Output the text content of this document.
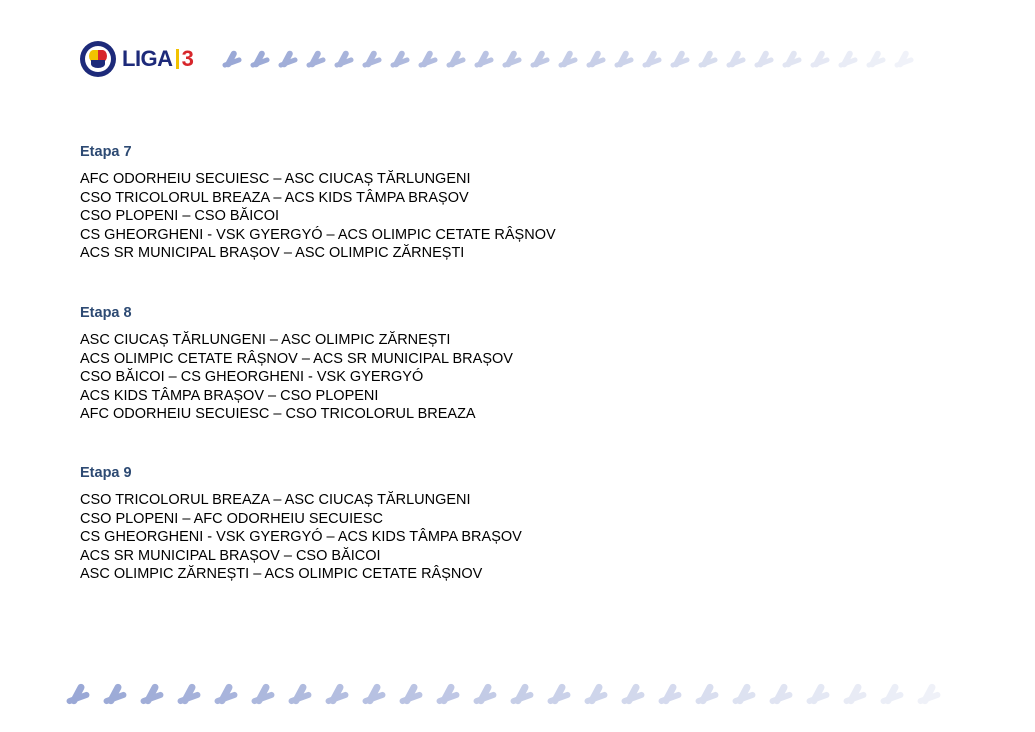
LIGA 3
Etapa 7
AFC ODORHEIU SECUIESC – ASC CIUCAȘ TĂRLUNGENI
CSO TRICOLORUL BREAZA – ACS KIDS TÂMPA BRAȘOV
CSO PLOPENI – CSO BĂICOI
CS GHEORGHENI - VSK GYERGYÓ – ACS OLIMPIC CETATE RÂȘNOV
ACS SR MUNICIPAL BRAȘOV – ASC OLIMPIC ZĂRNEȘTI
Etapa 8
ASC CIUCAȘ TĂRLUNGENI – ASC OLIMPIC ZĂRNEȘTI
ACS OLIMPIC CETATE RÂȘNOV – ACS SR MUNICIPAL BRAȘOV
CSO BĂICOI – CS GHEORGHENI - VSK GYERGYÓ
ACS KIDS TÂMPA BRAȘOV – CSO PLOPENI
AFC ODORHEIU SECUIESC – CSO TRICOLORUL BREAZA
Etapa 9
CSO TRICOLORUL BREAZA – ASC CIUCAȘ TĂRLUNGENI
CSO PLOPENI – AFC ODORHEIU SECUIESC
CS GHEORGHENI - VSK GYERGYÓ – ACS KIDS TÂMPA BRAȘOV
ACS SR MUNICIPAL BRAȘOV – CSO BĂICOI
ASC OLIMPIC ZĂRNEȘTI – ACS OLIMPIC CETATE RÂȘNOV
